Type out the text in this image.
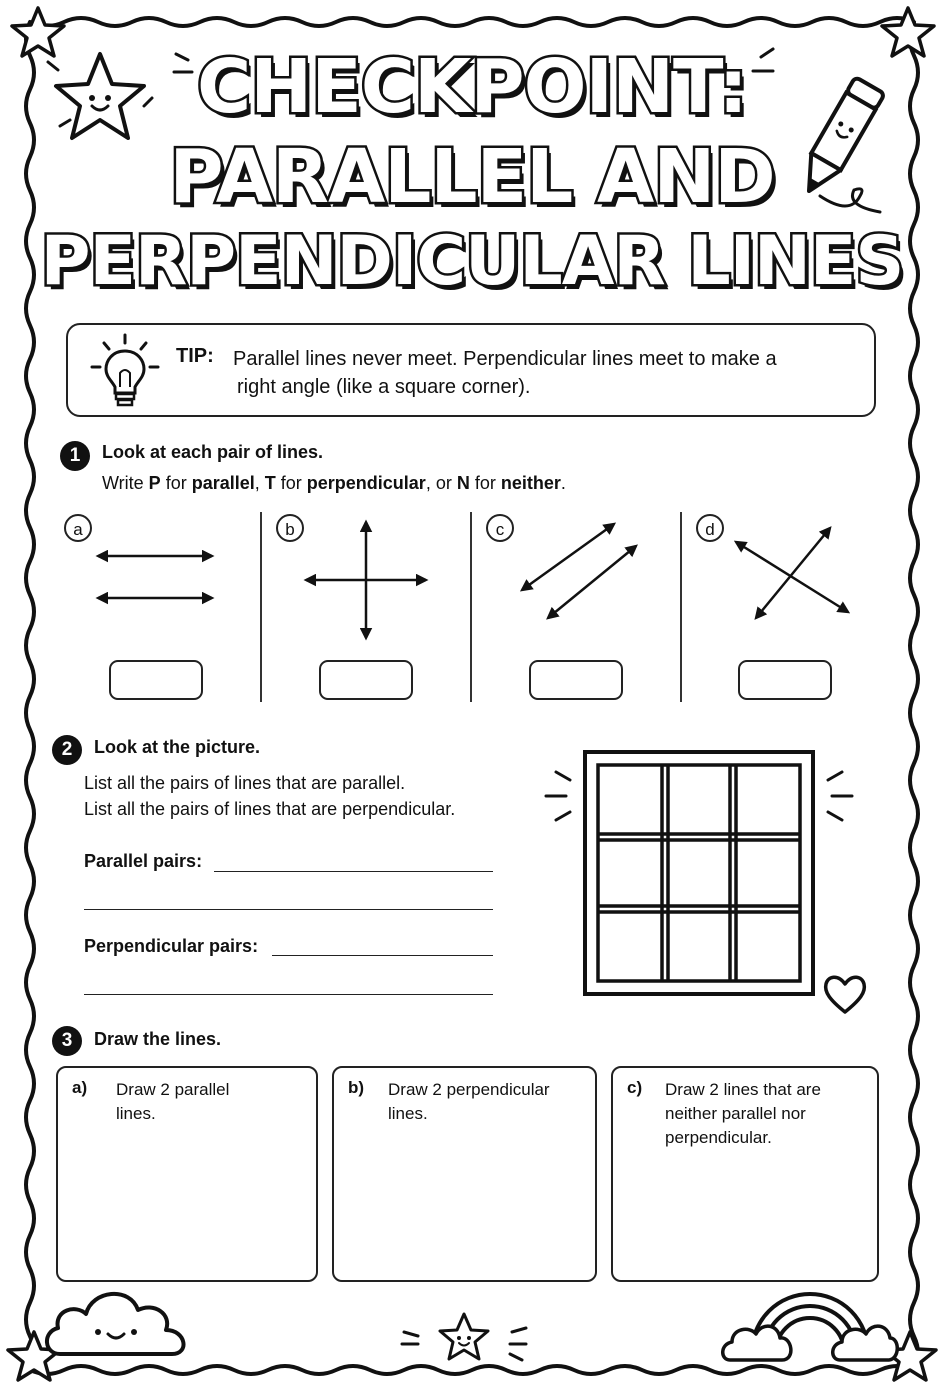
CHECKPOINT:
PARALLEL AND
PERPENDICULAR LINES
TIP: Parallel lines never meet. Perpendicular lines meet to make a
right angle (like a square corner).
1	Look at each pair of lines.
Write P for parallel, T for perpendicular, or N for neither.
a	b	c	d
2	Look at the picture.
List all the pairs of lines that are parallel.
List all the pairs of lines that are perpendicular.
Parallel pairs:
Perpendicular pairs:
3	Draw the lines.
a) Draw 2 parallel
lines.
b) Draw 2 perpendicular
lines.
c) Draw 2 lines that are
neither parallel nor
perpendicular.
